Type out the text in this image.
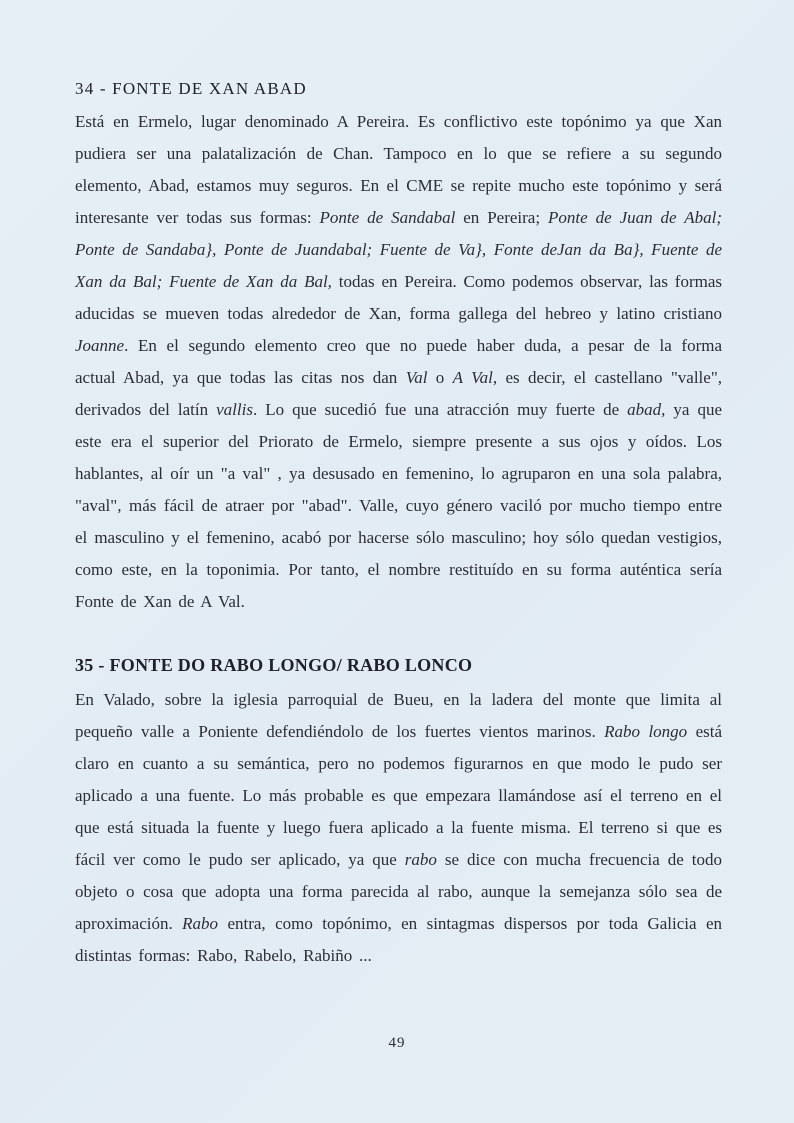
34 - FONTE DE XAN ABAD

Está en Ermelo, lugar denominado A Pereira. Es conflictivo este topónimo ya que Xan pudiera ser una palatalización de Chan. Tampoco en lo que se refiere a su segundo elemento, Abad, estamos muy seguros. En el CME se repite mucho este topónimo y será interesante ver todas sus formas: Ponte de Sandabal en Pereira; Ponte de Juan de Abal; Ponte de Sandaba}, Ponte de Juandabal; Fuente de Va}, Fonte deJan da Ba}, Fuente de Xan da Bal; Fuente de Xan da Bal, todas en Pereira. Como podemos observar, las formas aducidas se mueven todas alrededor de Xan, forma gallega del hebreo y latino cristiano Joanne. En el segundo elemento creo que no puede haber duda, a pesar de la forma actual Abad, ya que todas las citas nos dan Val o A Val, es decir, el castellano "valle", derivados del latín vallis. Lo que sucedió fue una atracción muy fuerte de abad, ya que este era el superior del Priorato de Ermelo, siempre presente a sus ojos y oídos. Los hablantes, al oír un "a val" , ya desusado en femenino, lo agruparon en una sola palabra, "aval", más fácil de atraer por "abad". Valle, cuyo género vaciló por mucho tiempo entre el masculino y el femenino, acabó por hacerse sólo masculino; hoy sólo quedan vestigios, como este, en la toponimia. Por tanto, el nombre restituído en su forma auténtica sería Fonte de Xan de A Val.

35 - FONTE DO RABO LONGO/ RABO LONCO

En Valado, sobre la iglesia parroquial de Bueu, en la ladera del monte que limita al pequeño valle a Poniente defendiéndolo de los fuertes vientos marinos. Rabo longo está claro en cuanto a su semántica, pero no podemos figurarnos en que modo le pudo ser aplicado a una fuente. Lo más probable es que empezara llamándose así el terreno en el que está situada la fuente y luego fuera aplicado a la fuente misma. El terreno si que es fácil ver como le pudo ser aplicado, ya que rabo se dice con mucha frecuencia de todo objeto o cosa que adopta una forma parecida al rabo, aunque la semejanza sólo sea de aproximación. Rabo entra, como topónimo, en sintagmas dispersos por toda Galicia en distintas formas: Rabo, Rabelo, Rabiño ...

49
